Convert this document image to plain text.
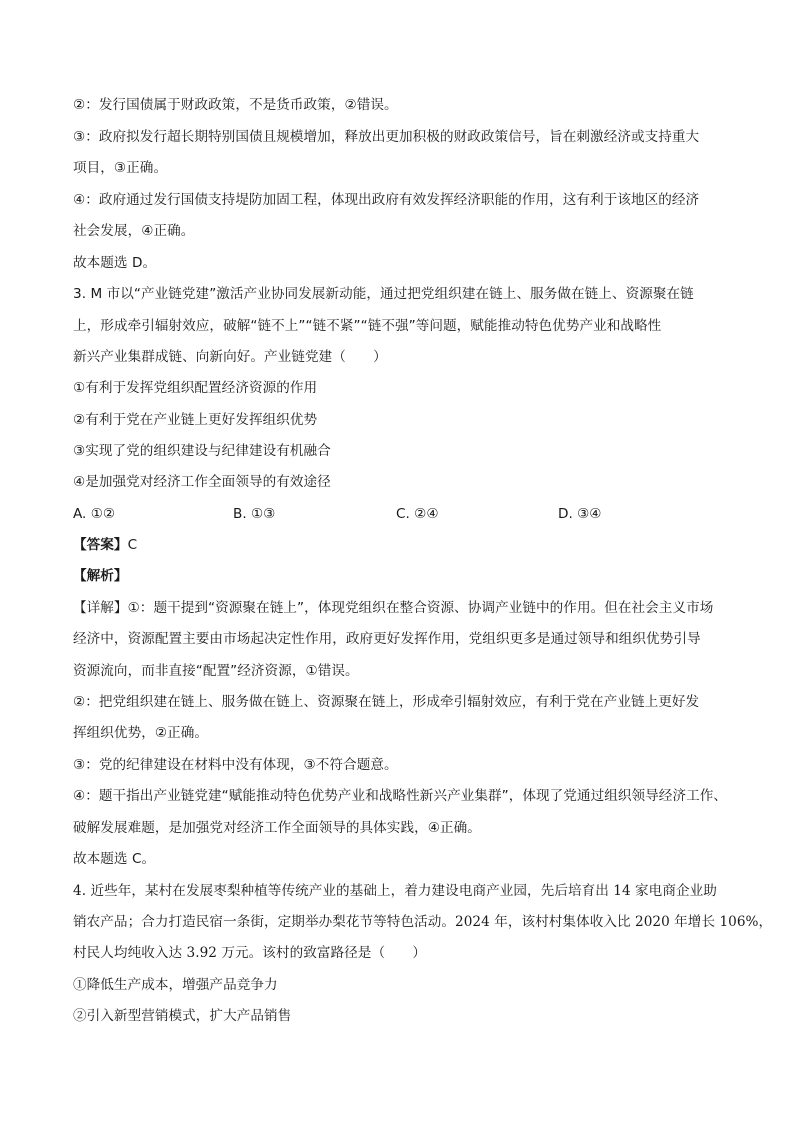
②：发行国债属于财政政策，不是货币政策，②错误。
③：政府拟发行超长期特别国债且规模增加，释放出更加积极的财政政策信号，旨在刺激经济或支持重大
项目，③正确。
④：政府通过发行国债支持堤防加固工程，体现出政府有效发挥经济职能的作用，这有利于该地区的经济
社会发展，④正确。
故本题选 D。
3. M 市以“产业链党建”激活产业协同发展新动能，通过把党组织建在链上、服务做在链上、资源聚在链
上，形成牵引辐射效应，破解“链不上”“链不紧”“链不强”等问题，赋能推动特色优势产业和战略性
新兴产业集群成链、向新向好。产业链党建（　　）
①有利于发挥党组织配置经济资源的作用
②有利于党在产业链上更好发挥组织优势
③实现了党的组织建设与纪律建设有机融合
④是加强党对经济工作全面领导的有效途径
A. ①②	B. ①③	C. ②④	D. ③④
【答案】C
【解析】
【详解】①：题干提到“资源聚在链上”，体现党组织在整合资源、协调产业链中的作用。但在社会主义市场
经济中，资源配置主要由市场起决定性作用，政府更好发挥作用，党组织更多是通过领导和组织优势引导
资源流向，而非直接“配置”经济资源，①错误。
②：把党组织建在链上、服务做在链上、资源聚在链上，形成牵引辐射效应，有利于党在产业链上更好发
挥组织优势，②正确。
③：党的纪律建设在材料中没有体现，③不符合题意。
④：题干指出产业链党建“赋能推动特色优势产业和战略性新兴产业集群”，体现了党通过组织领导经济工作、
破解发展难题，是加强党对经济工作全面领导的具体实践，④正确。
故本题选 C。
4. 近些年，某村在发展枣梨种植等传统产业的基础上，着力建设电商产业园，先后培育出 14 家电商企业助
销农产品；合力打造民宿一条街，定期举办梨花节等特色活动。2024 年，该村村集体收入比 2020 年增长 106%，
村民人均纯收入达 3.92 万元。该村的致富路径是（　　）
①降低生产成本，增强产品竞争力
②引入新型营销模式，扩大产品销售
